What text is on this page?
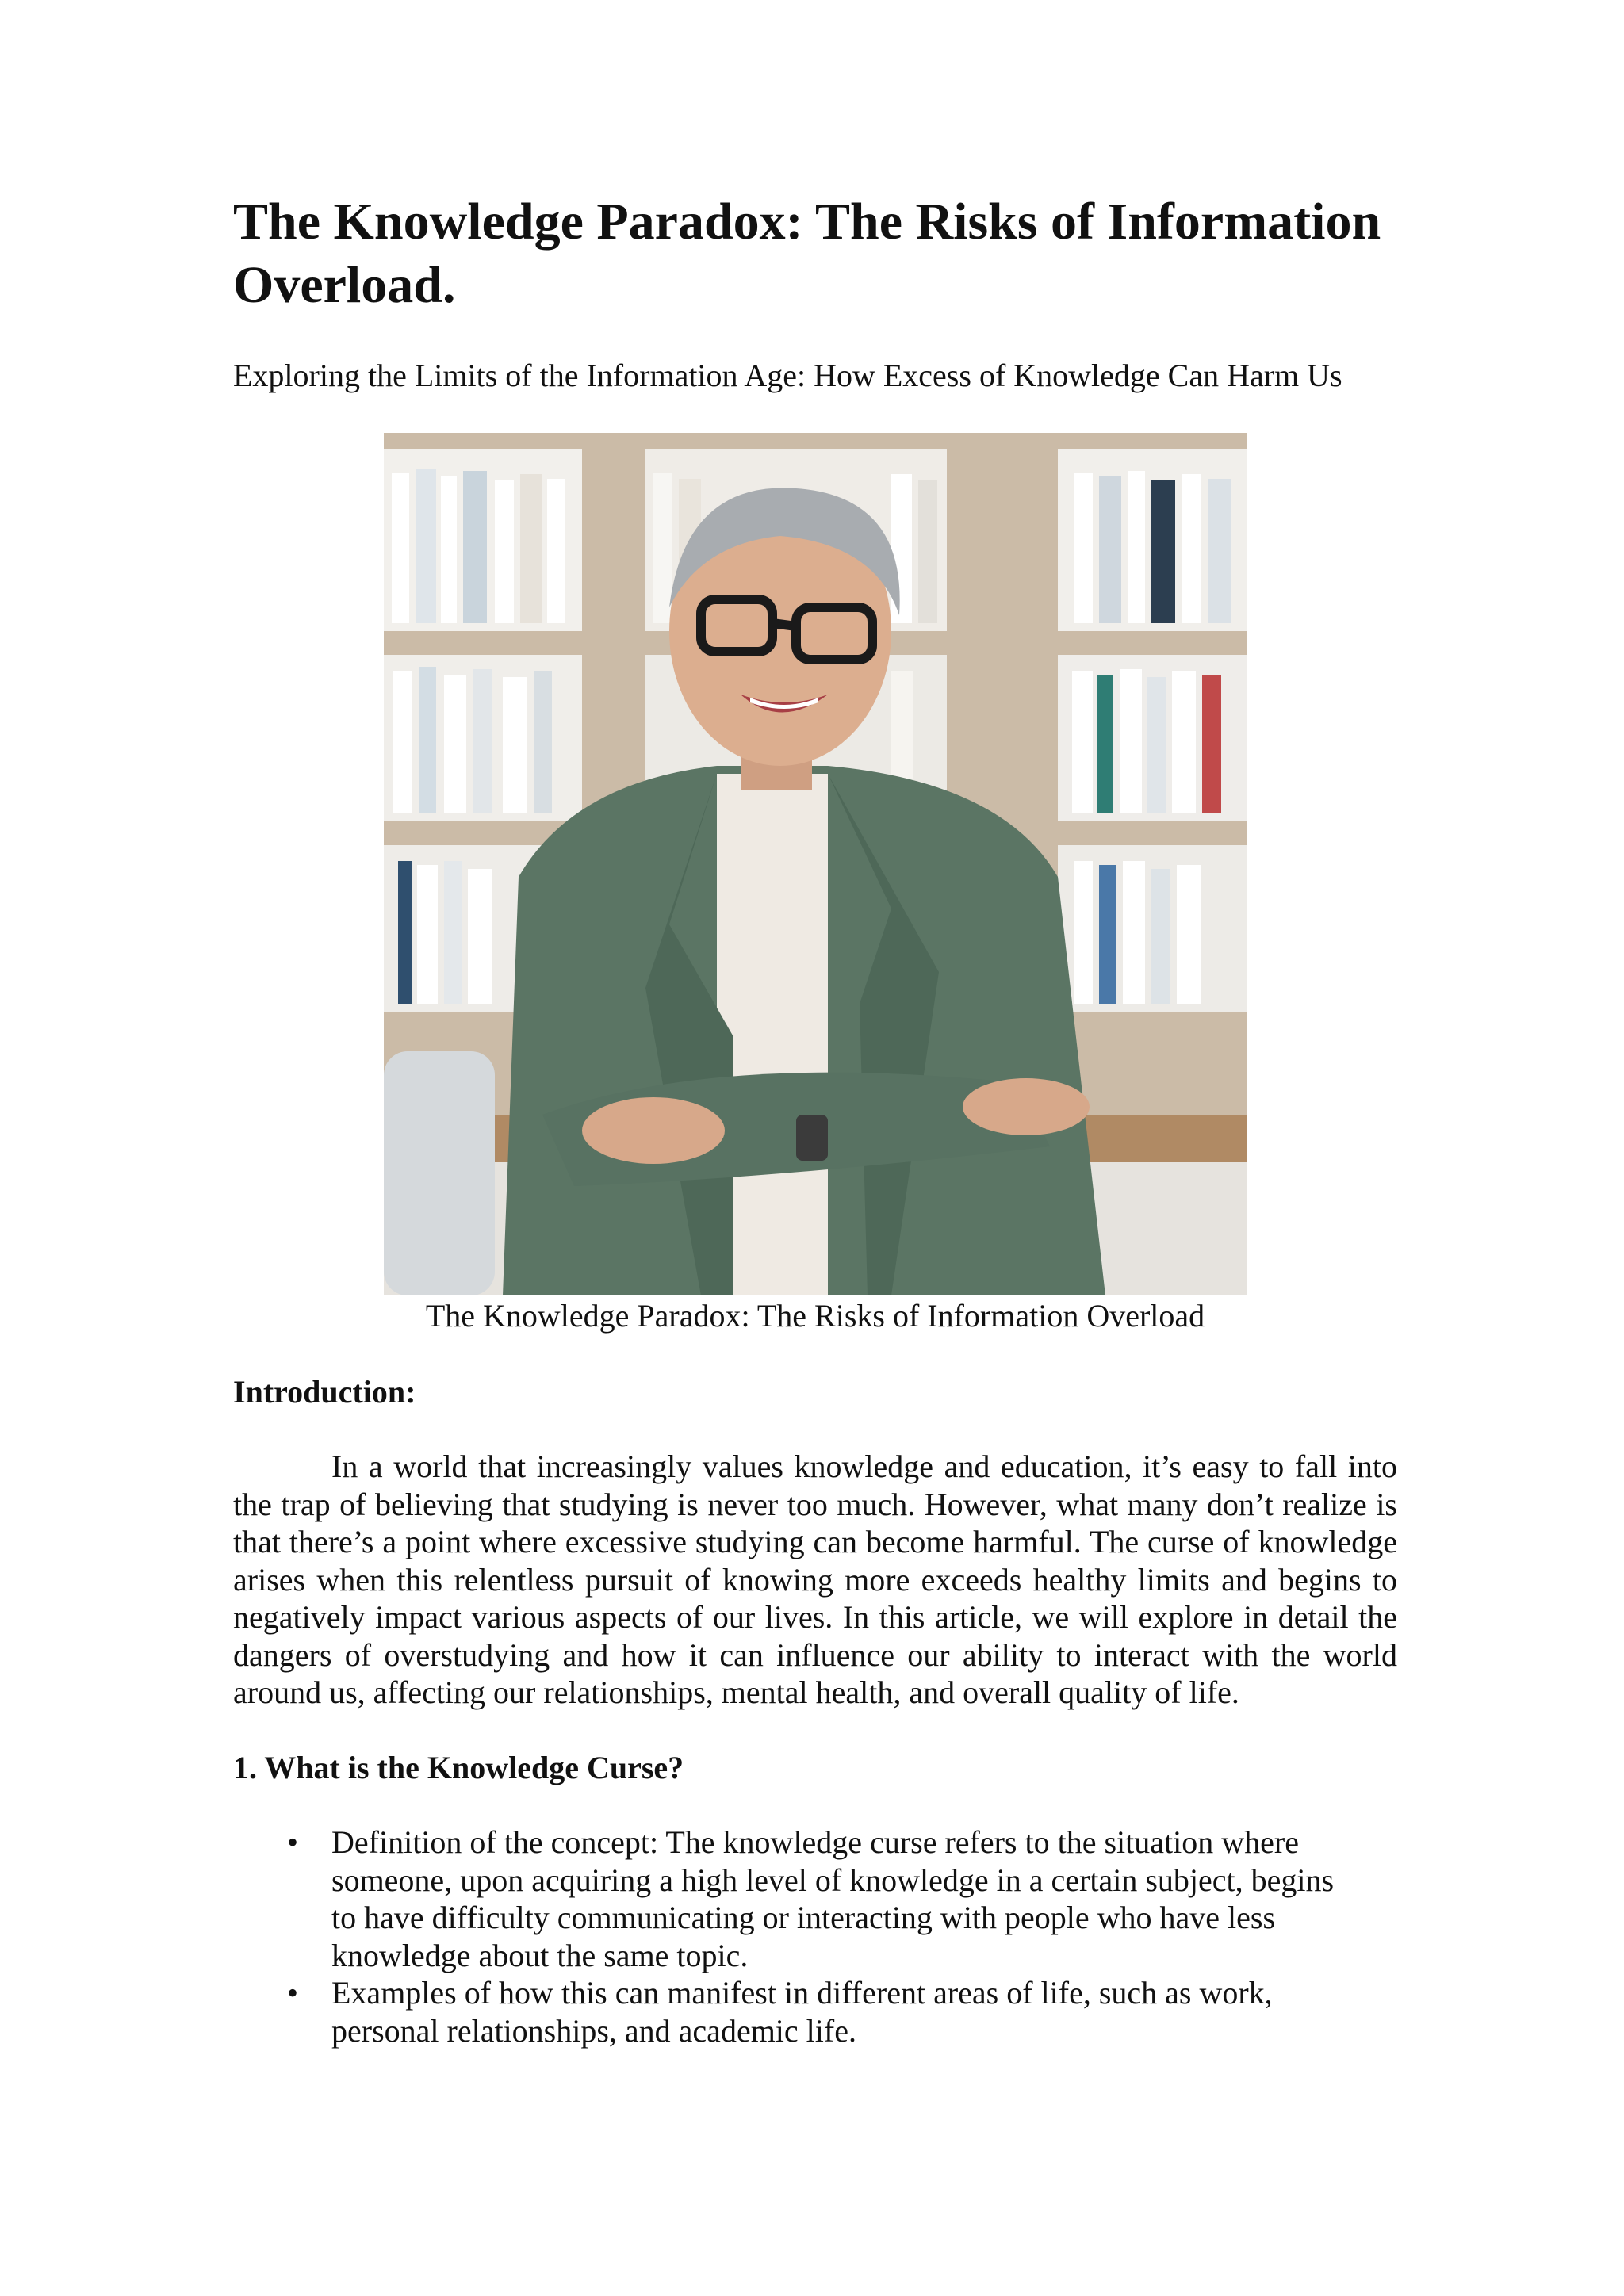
The Knowledge Paradox: The Risks of Information Overload.

Exploring the Limits of the Information Age: How Excess of Knowledge Can Harm Us

The Knowledge Paradox: The Risks of Information Overload

Introduction:

In a world that increasingly values knowledge and education, it’s easy to fall into the trap of believing that studying is never too much. However, what many don’t realize is that there’s a point where excessive studying can become harmful. The curse of knowledge arises when this relentless pursuit of knowing more exceeds healthy limits and begins to negatively impact various aspects of our lives. In this article, we will explore in detail the dangers of overstudying and how it can influence our ability to interact with the world around us, affecting our relationships, mental health, and overall quality of life.

1. What is the Knowledge Curse?
•	Definition of the concept: The knowledge curse refers to the situation where someone, upon acquiring a high level of knowledge in a certain subject, begins to have difficulty communicating or interacting with people who have less knowledge about the same topic.
•	Examples of how this can manifest in different areas of life, such as work, personal relationships, and academic life.
